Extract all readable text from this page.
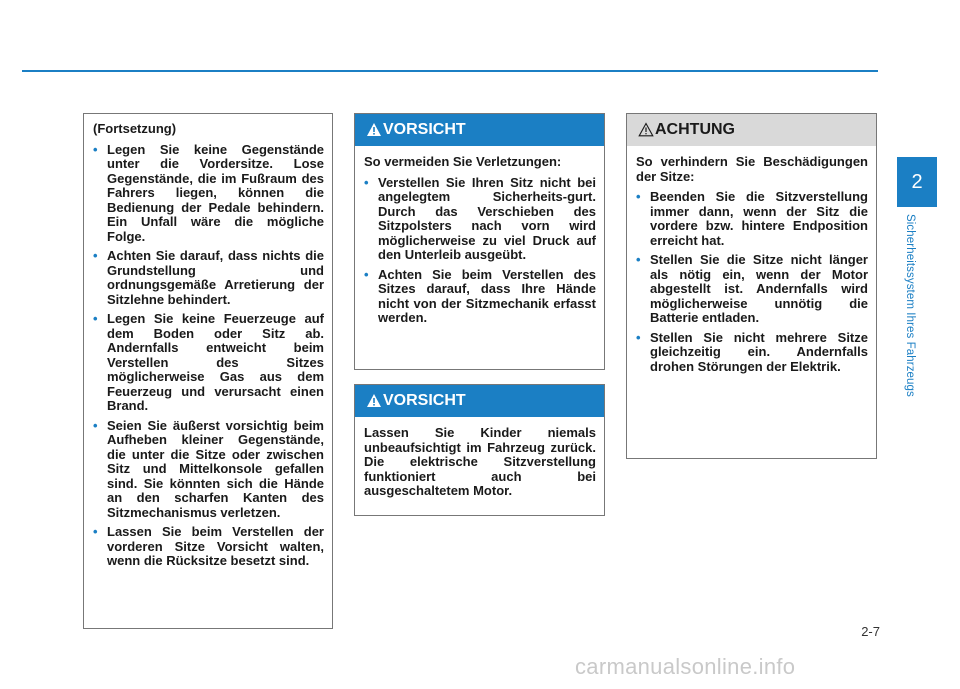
2
Sicherheitssystem Ihres Fahrzeugs

(Fortsetzung)

• Legen Sie keine Gegenstände unter die Vordersitze. Lose Gegenstände, die im Fußraum des Fahrers liegen, können die Bedienung der Pedale behindern. Ein Unfall wäre die mögliche Folge.
• Achten Sie darauf, dass nichts die Grundstellung und ordnungsgemäße Arretierung der Sitzlehne behindert.
• Legen Sie keine Feuerzeuge auf dem Boden oder Sitz ab. Andernfalls entweicht beim Verstellen des Sitzes möglicherweise Gas aus dem Feuerzeug und verursacht einen Brand.
• Seien Sie äußerst vorsichtig beim Aufheben kleiner Gegenstände, die unter die Sitze oder zwischen Sitz und Mittelkonsole gefallen sind. Sie könnten sich die Hände an den scharfen Kanten des Sitzmechanismus verletzen.
• Lassen Sie beim Verstellen der vorderen Sitze Vorsicht walten, wenn die Rücksitze besetzt sind.
VORSICHT

So vermeiden Sie Verletzungen:

• Verstellen Sie Ihren Sitz nicht bei angelegtem Sicherheits-gurt. Durch das Verschieben des Sitzpolsters nach vorn wird möglicherweise zu viel Druck auf den Unterleib ausgeübt.
• Achten Sie beim Verstellen des Sitzes darauf, dass Ihre Hände nicht von der Sitzmechanik erfasst werden.
VORSICHT

Lassen Sie Kinder niemals unbeaufsichtigt im Fahrzeug zurück. Die elektrische Sitzverstellung funktioniert auch bei ausgeschaltetem Motor.

ACHTUNG

So verhindern Sie Beschädigungen der Sitze:

• Beenden Sie die Sitzverstellung immer dann, wenn der Sitz die vordere bzw. hintere Endposition erreicht hat.
• Stellen Sie die Sitze nicht länger als nötig ein, wenn der Motor abgestellt ist. Andernfalls wird möglicherweise unnötig die Batterie entladen.
• Stellen Sie nicht mehrere Sitze gleichzeitig ein. Andernfalls drohen Störungen der Elektrik.
2-7
carmanualsonline.info
